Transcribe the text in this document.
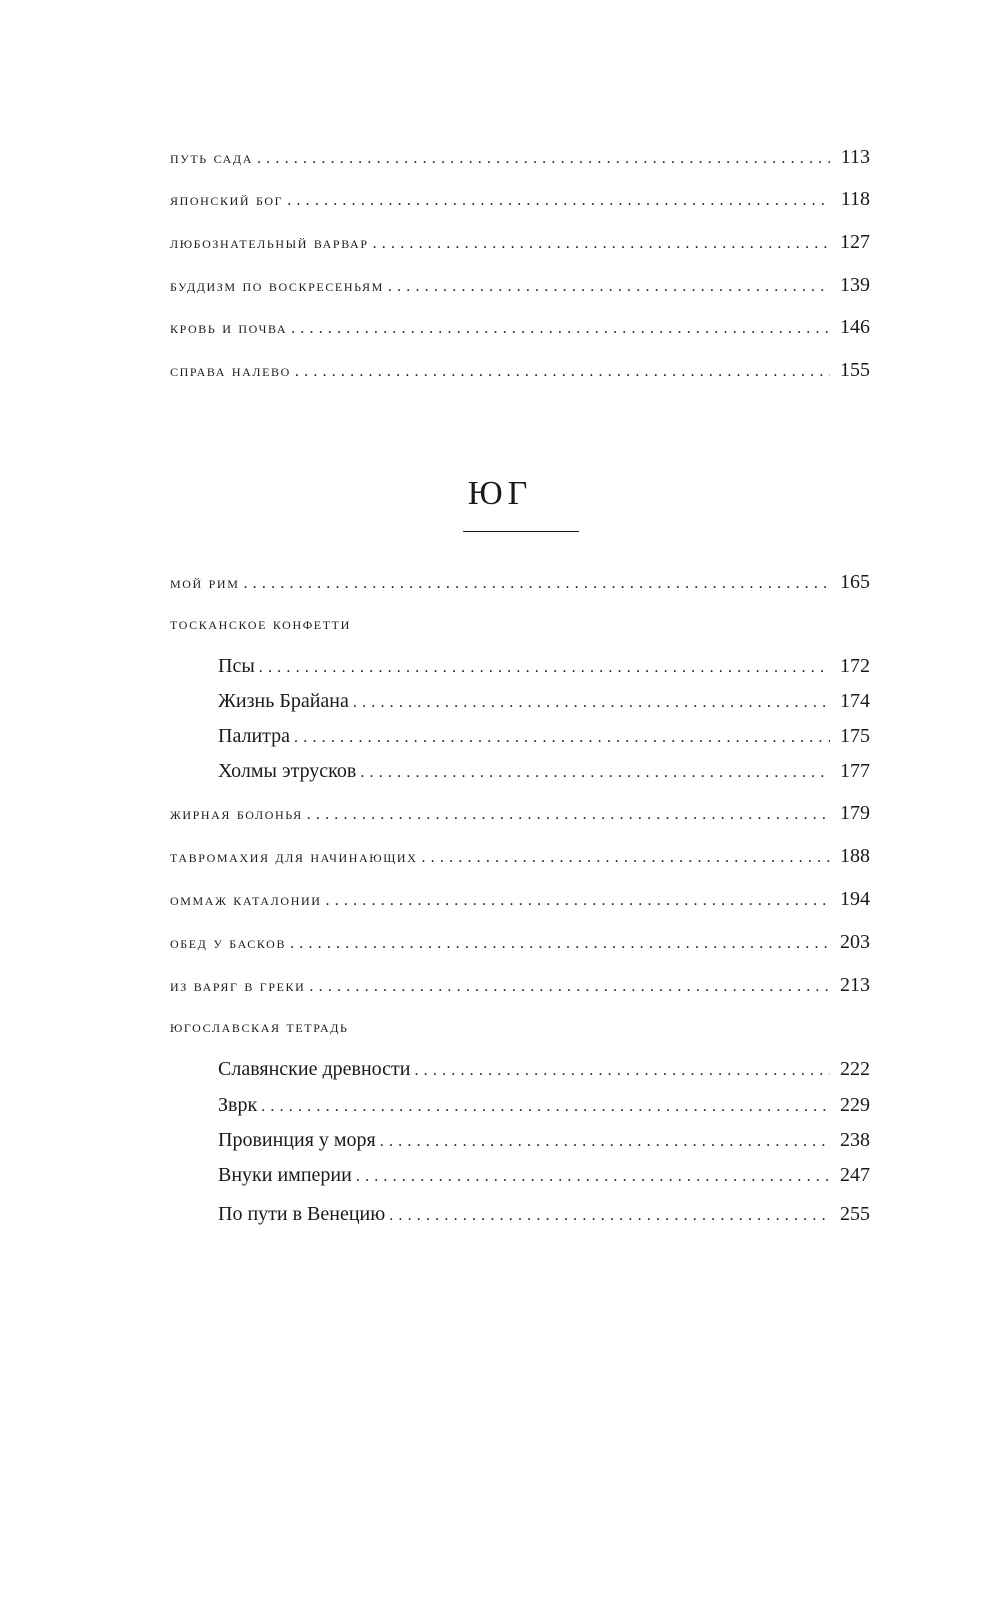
путь сада . . .	113
японский бог . . .	118
любознательный варвар . . .	127
буддизм по воскресеньям . . .	139
кровь и почва . . .	146
справа налево . . .	155
ЮГ
мой рим . . .	165
тосканское конфетти
Псы . . .	172
Жизнь Брайана . . .	174
Палитра . . .	175
Холмы этрусков . . .	177
жирная болонья . . .	179
тавромахия для начинающих . . .	188
оммаж каталонии . . .	194
обед у басков . . .	203
из варяг в греки . . .	213
югославская тетрадь
Славянские древности . . .	222
Зврк . . .	229
Провинция у моря . . .	238
Внуки империи . . .	247
По пути в Венецию . . .	255
